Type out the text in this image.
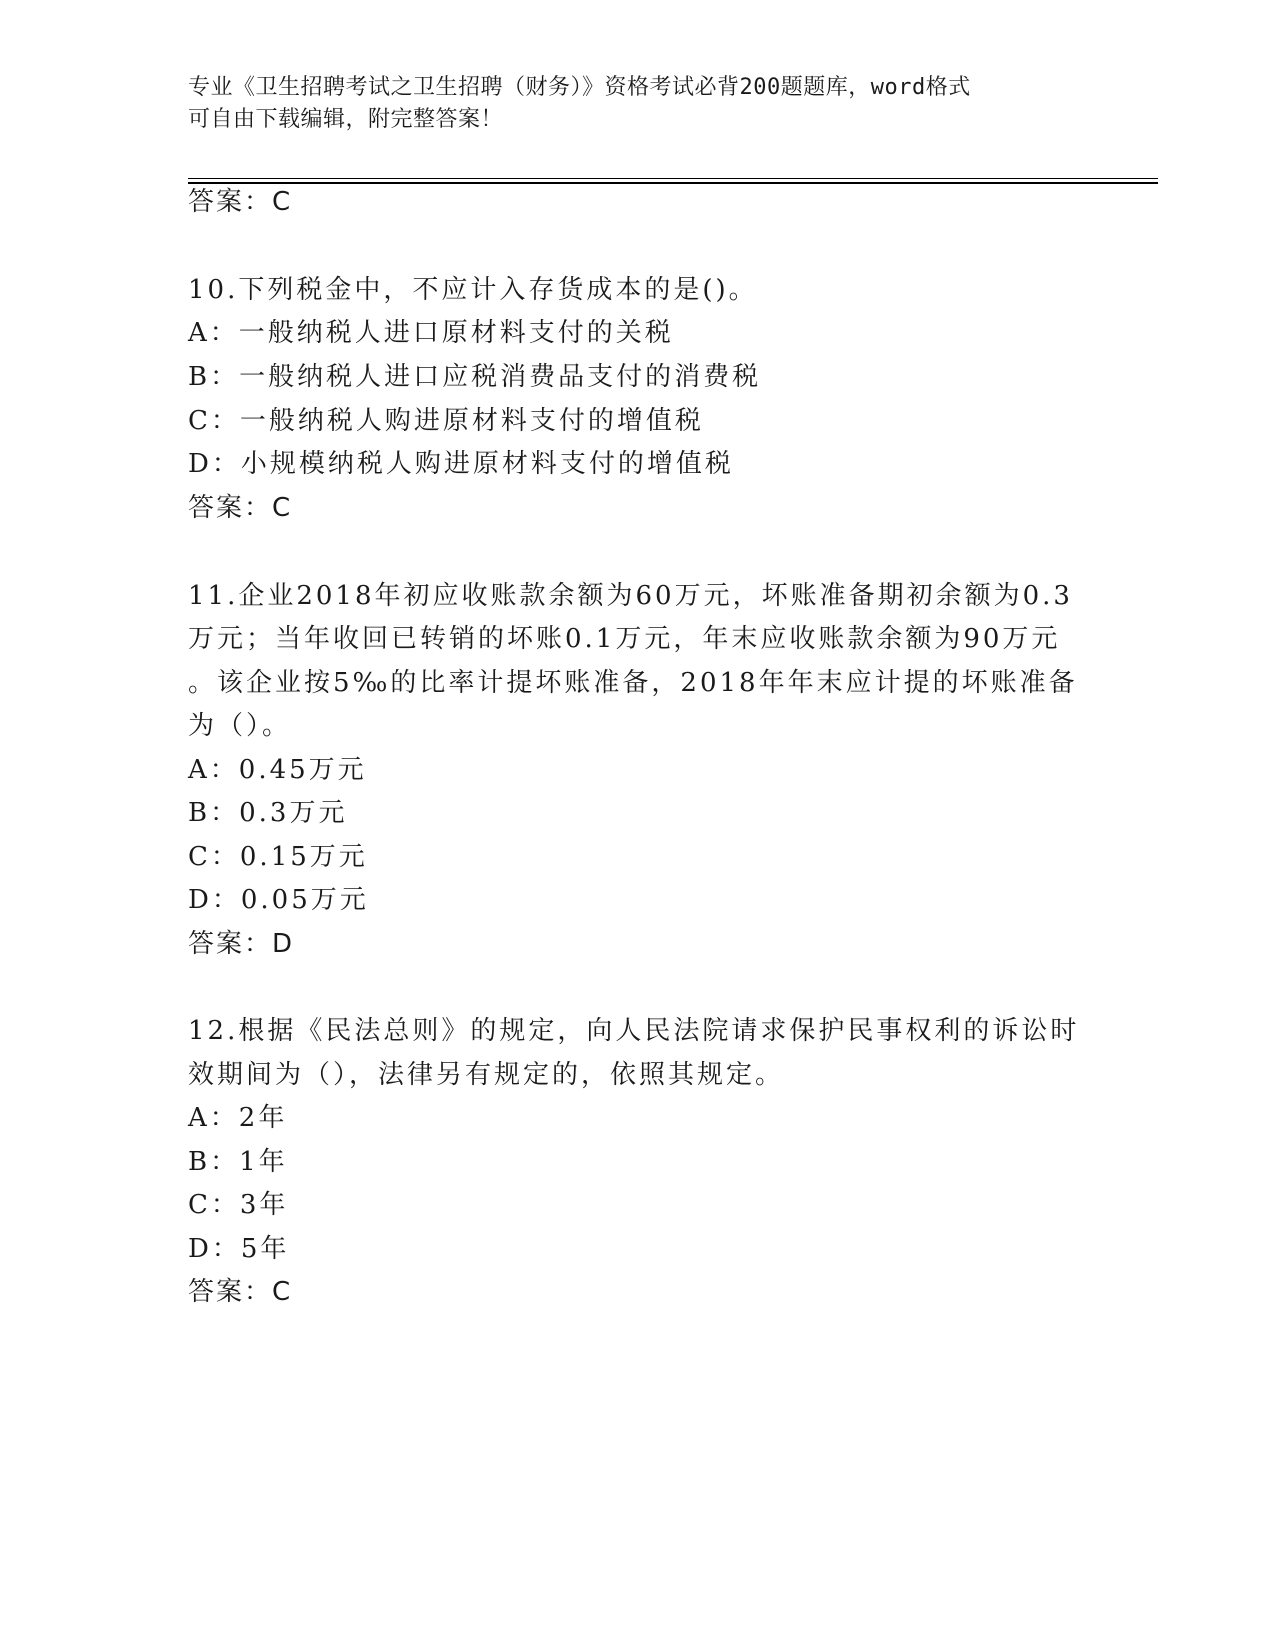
专业《卫生招聘考试之卫生招聘（财务）》资格考试必背200题题库，word格式
可自由下载编辑，附完整答案！
答案：C
10.下列税金中，不应计入存货成本的是()。
A：一般纳税人进口原材料支付的关税
B：一般纳税人进口应税消费品支付的消费税
C：一般纳税人购进原材料支付的增值税
D：小规模纳税人购进原材料支付的增值税
答案：C
11.企业2018年初应收账款余额为60万元，坏账准备期初余额为0.3
万元；当年收回已转销的坏账0.1万元，年末应收账款余额为90万元
。该企业按5‰的比率计提坏账准备，2018年年末应计提的坏账准备
为（）。
A：0.45万元
B：0.3万元
C：0.15万元
D：0.05万元
答案：D
12.根据《民法总则》的规定，向人民法院请求保护民事权利的诉讼时
效期间为（），法律另有规定的，依照其规定。
A：2年
B：1年
C：3年
D：5年
答案：C
